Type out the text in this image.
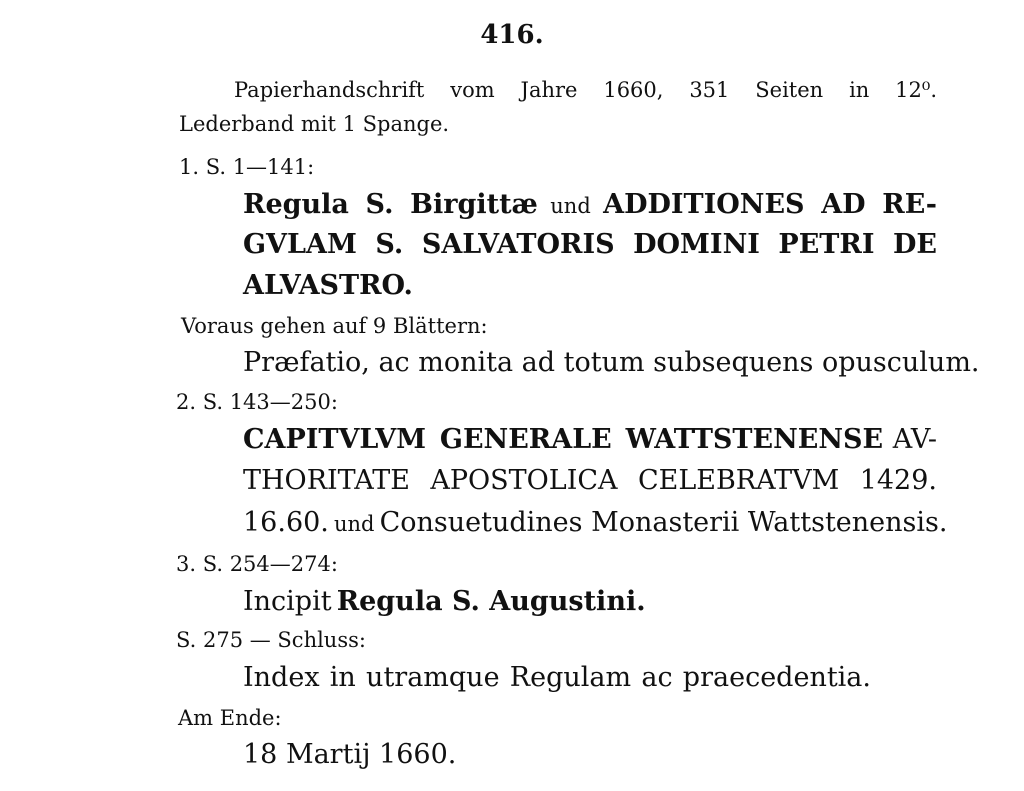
416.
Papierhandschrift vom Jahre 1660, 351 Seiten in 12⁰.
Lederband mit 1 Spange.
1. S. 1—141:
Regula S. Birgittæ und ADDITIONES AD RE-
GVLAM S. SALVATORIS DOMINI PETRI DE
ALVASTRO.
Voraus gehen auf 9 Blättern:
Præfatio, ac monita ad totum subsequens opusculum.
2. S. 143—250:
CAPITVLVM GENERALE WATTSTENENSE AV-
THORITATE APOSTOLICA CELEBRATVM 1429.
16.60. und Consuetudines Monasterii Wattstenensis.
3. S. 254—274:
Incipit Regula S. Augustini.
S. 275 — Schluss:
Index in utramque Regulam ac praecedentia.
Am Ende:
18 Martij 1660.
